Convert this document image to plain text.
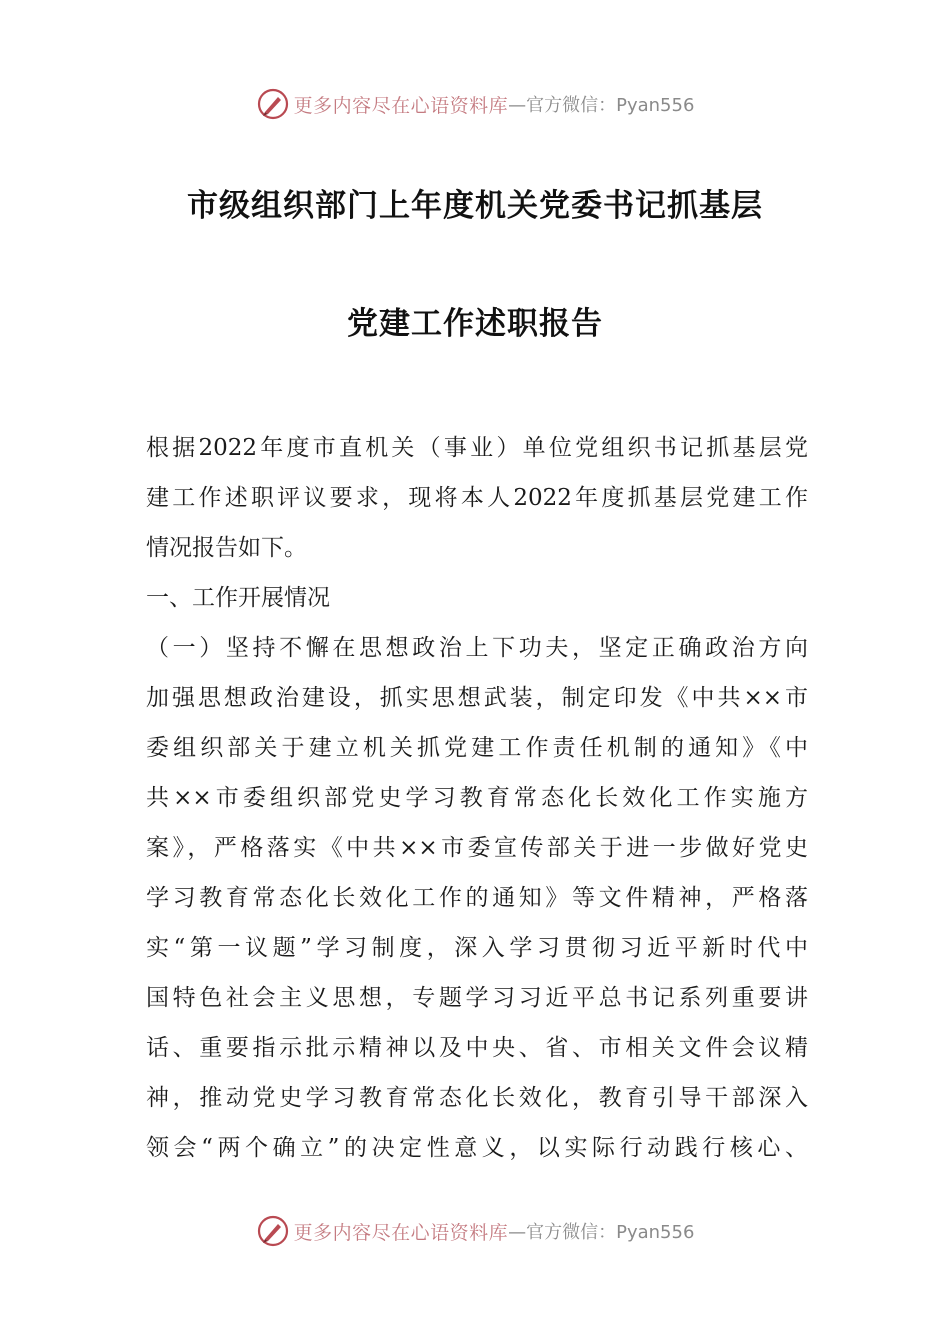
更多内容尽在心语资料库 —官方微信：Pyan556
市级组织部门上年度机关党委书记抓基层
党建工作述职报告
根据2022年度市直机关（事业）单位党组织书记抓基层党
建工作述职评议要求，现将本人2022年度抓基层党建工作
情况报告如下。
一、工作开展情况
（一）坚持不懈在思想政治上下功夫，坚定正确政治方向
加强思想政治建设，抓实思想武装，制定印发《中共××市
委组织部关于建立机关抓党建工作责任机制的通知》《中
共××市委组织部党史学习教育常态化长效化工作实施方
案》，严格落实《中共××市委宣传部关于进一步做好党史
学习教育常态化长效化工作的通知》等文件精神，严格落
实“第一议题”学习制度，深入学习贯彻习近平新时代中
国特色社会主义思想，专题学习习近平总书记系列重要讲
话、重要指示批示精神以及中央、省、市相关文件会议精
神，推动党史学习教育常态化长效化，教育引导干部深入
领会“两个确立”的决定性意义，以实际行动践行核心、
更多内容尽在心语资料库 —官方微信：Pyan556
